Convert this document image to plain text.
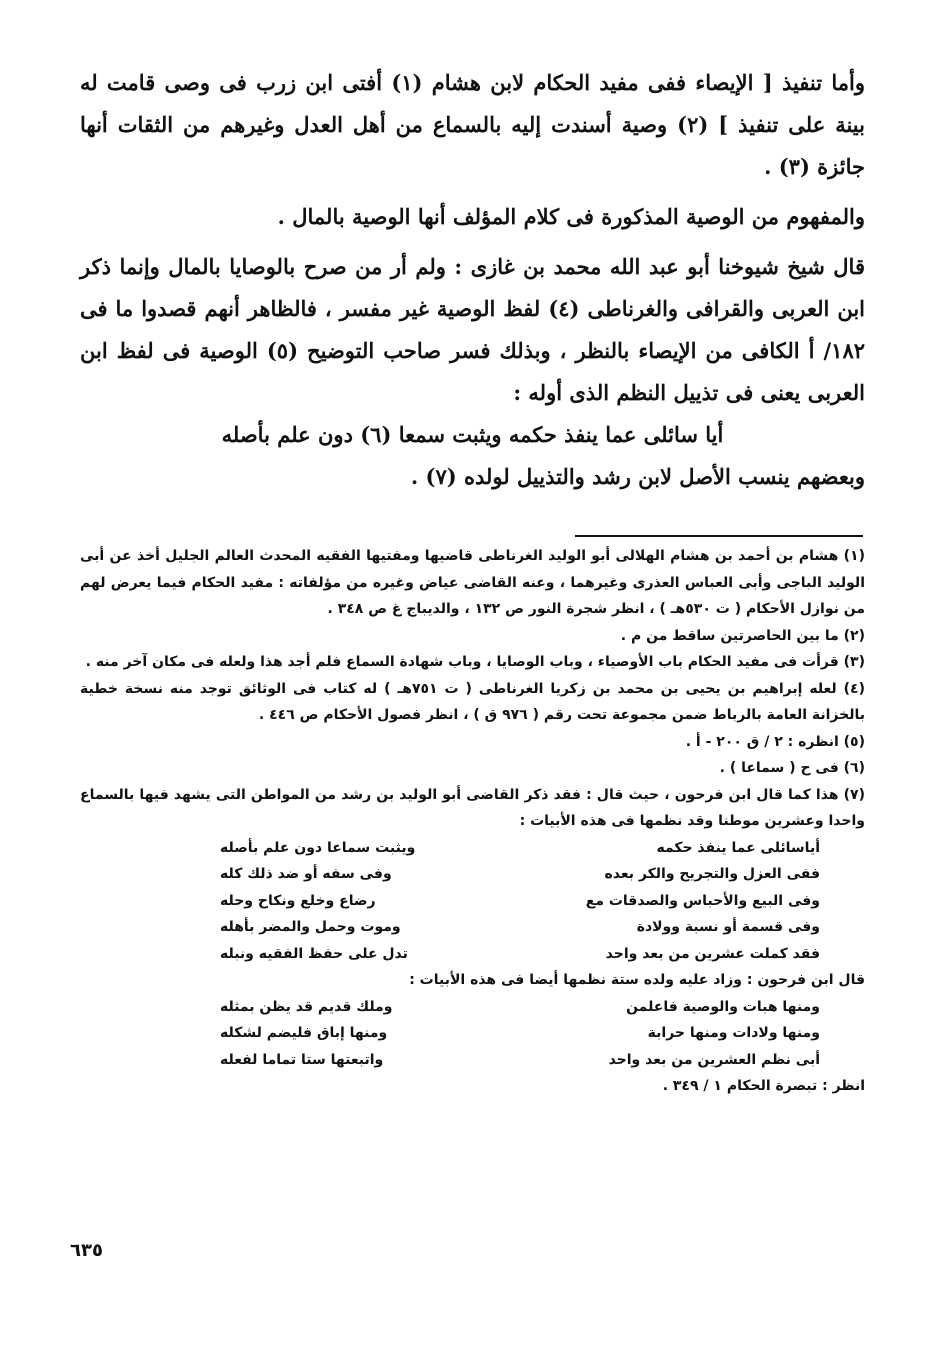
وأما تنفيذ [ الإيصاء ففى مفيد الحكام لابن هشام (١) أفتى ابن زرب فى وصى قامت له بينة على تنفيذ ] (٢) وصية أسندت إليه بالسماع من أهل العدل وغيرهم من الثقات أنها جائزة (٣) .

والمفهوم من الوصية المذكورة فى كلام المؤلف أنها الوصية بالمال .

قال شيخ شيوخنا أبو عبد الله محمد بن غازى : ولم أر من صرح بالوصايا بالمال وإنما ذكر ابن العربى والقرافى والغرناطى (٤) لفظ الوصية غير مفسر ، فالظاهر أنهم قصدوا ما فى ١٨٢/ أ الكافى من الإيصاء بالنظر ، وبذلك فسر صاحب التوضيح (٥) الوصية فى لفظ ابن العربى يعنى فى تذييل النظم الذى أوله :

أيا سائلى عما ينفذ حكمه ويثبت سمعا (٦) دون علم بأصله

وبعضهم ينسب الأصل لابن رشد والتذييل لولده (٧) .

(١) هشام بن أحمد بن هشام الهلالى أبو الوليد الغرناطى قاضيها ومفتيها الفقيه المحدث العالم الجليل أخذ عن أبى الوليد الباجى وأبى العباس العذرى وغيرهما ، وعنه القاضى عياض وغيره من مؤلفاته : مفيد الحكام فيما يعرض لهم من نوازل الأحكام ( ت ٥٣٠هـ ) ، انظر شجرة النور ص ١٣٢ ، والديباج غ ص ٣٤٨ .

(٢) ما بين الحاصرتين ساقط من م .

(٣) قرأت فى مفيد الحكام باب الأوصياء ، وباب الوصايا ، وباب شهادة السماع فلم أجد هذا ولعله فى مكان آخر منه .

(٤) لعله إبراهيم بن يحيى بن محمد بن زكريا الغرناطى ( ت ٧٥١هـ ) له كتاب فى الوثائق توجد منه نسخة خطية بالخزانة العامة بالرباط ضمن مجموعة تحت رقم ( ٩٧٦ ق ) ، انظر فصول الأحكام ص ٤٤٦ .

(٥) انظره : ٢ / ق ٢٠٠ - أ .

(٦) فى ح ( سماعا ) .

(٧) هذا كما قال ابن فرحون ، حيث قال : فقد ذكر القاضى أبو الوليد بن رشد من المواطن التى يشهد فيها بالسماع واحدا وعشرين موطنا وقد نظمها فى هذه الأبيات :

أياسائلى عما ينفذ حكمه
ويثبت سماعا دون علم بأصله
ففى العزل والتجريح والكر بعده
وفى سفه أو ضد ذلك كله
وفى البيع والأحباس والصدقات مع
رضاع وخلع ونكاح وحله
وفى قسمة أو نسبة وولادة
وموت وحمل والمضر بأهله
فقد كملت عشرين من بعد واحد
تدل على حفظ الفقيه ونبله

قال ابن فرحون : وزاد عليه ولده ستة نظمها أيضا فى هذه الأبيات :

ومنها هبات والوصية فاعلمن
وملك قديم قد يظن بمثله
ومنها ولادات ومنها حرابة
ومنها إباق فليضم لشكله
أبى نظم العشرين من بعد واحد
واتبعتها ستا تماما لفعله

انظر : تبصرة الحكام ١ / ٣٤٩ .

٦٣٥
